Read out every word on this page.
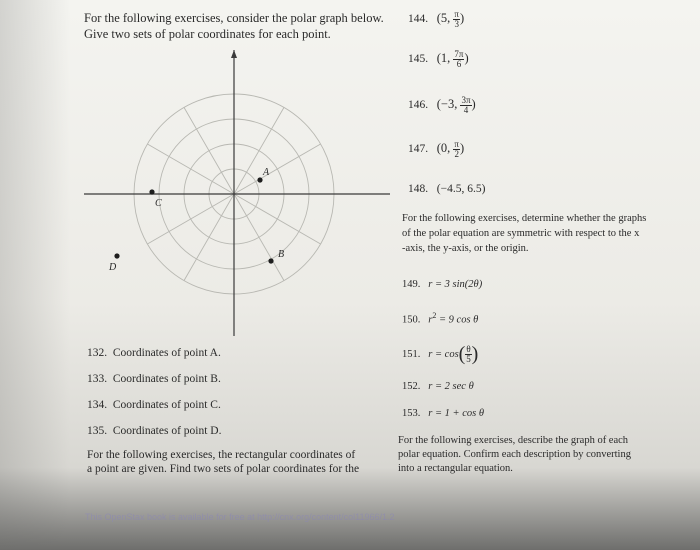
For the following exercises, consider the polar graph below.
Give two sets of polar coordinates for each point.
A
B
C
D
132. Coordinates of point A.
133. Coordinates of point B.
134. Coordinates of point C.
135. Coordinates of point D.
For the following exercises, the rectangular coordinates of
a point are given. Find two sets of polar coordinates for the
144. (5, $\frac{\pi}{3}$ )
145. (1, $\frac{7\pi}{6}$ )
146. (−3, $\frac{3\pi}{4}$ )
147. (0, $\frac{\pi}{2}$ )
148. (−4.5, 6.5)
For the following exercises, determine whether the graphs
of the polar equation are symmetric with respect to the x
-axis, the y-axis, or the origin.
149. r = 3 sin(2θ)
150. $r^2 = 9$ cos θ
151. $r = \cos( \frac{\theta}{5}$ )
152. r = 2 sec θ
153. r = 1 + cos θ
For the following exercises, describe the graph of each
polar equation. Confirm each description by converting
into a rectangular equation.
This OpenStax book is available for free at http://cnx.org/content/col11966/1.2
